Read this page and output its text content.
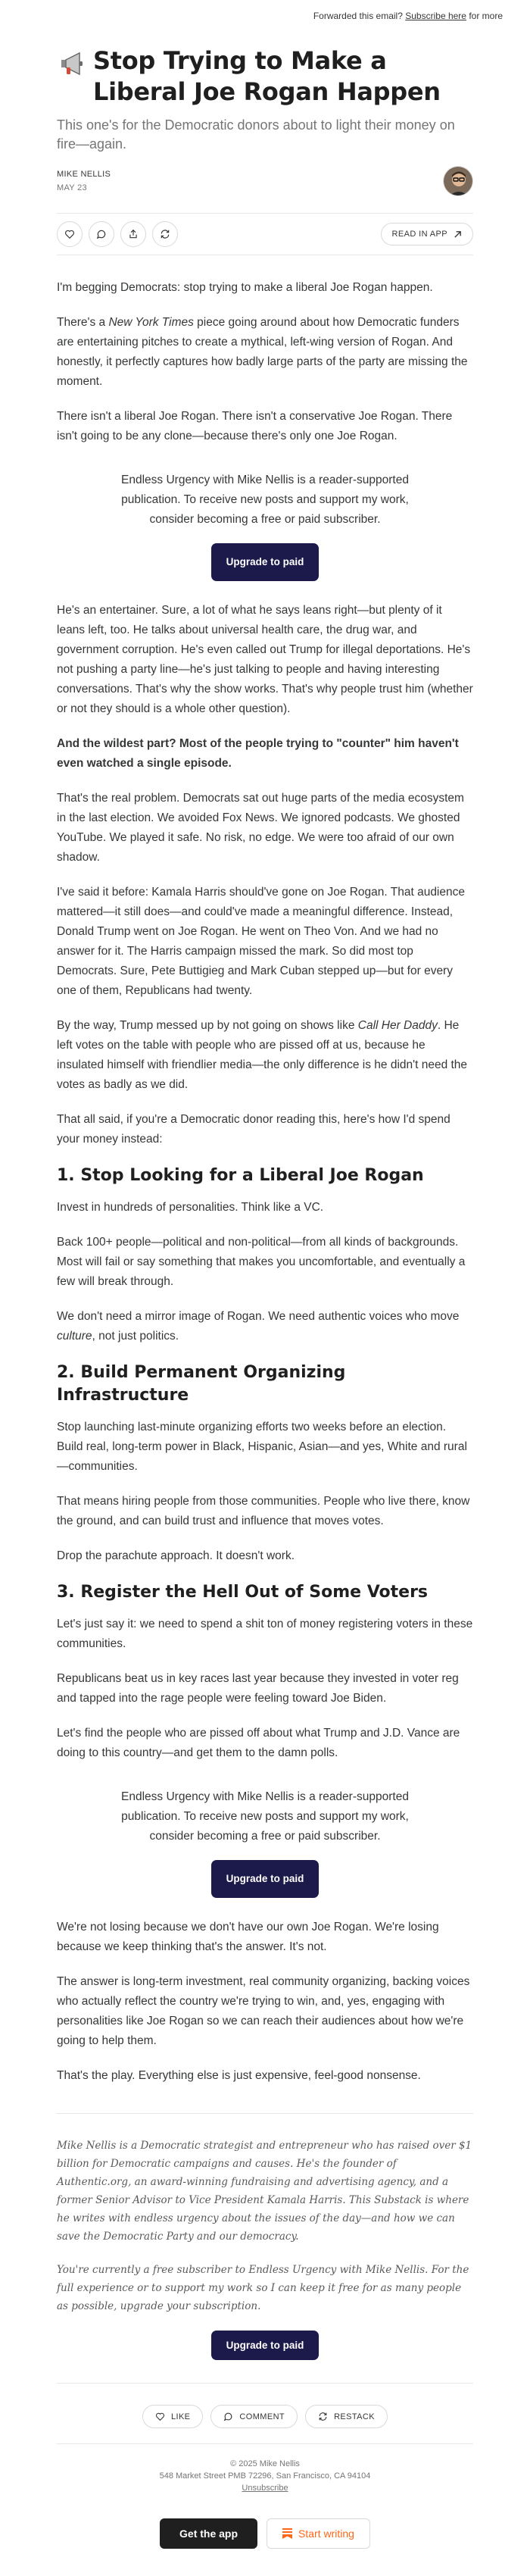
Forwarded this email? Subscribe here for more
Stop Trying to Make a Liberal Joe Rogan Happen
This one's for the Democratic donors about to light their money on fire—again.
MIKE NELLIS
MAY 23
READ IN APP

I'm begging Democrats: stop trying to make a liberal Joe Rogan happen.

There's a New York Times piece going around about how Democratic funders are entertaining pitches to create a mythical, left-wing version of Rogan. And honestly, it perfectly captures how badly large parts of the party are missing the moment.

There isn't a liberal Joe Rogan. There isn't a conservative Joe Rogan. There isn't going to be any clone—because there's only one Joe Rogan.

Endless Urgency with Mike Nellis is a reader-supported publication. To receive new posts and support my work, consider becoming a free or paid subscriber.

Upgrade to paid

He's an entertainer. Sure, a lot of what he says leans right—but plenty of it leans left, too. He talks about universal health care, the drug war, and government corruption. He's even called out Trump for illegal deportations. He's not pushing a party line—he's just talking to people and having interesting conversations. That's why the show works. That's why people trust him (whether or not they should is a whole other question).

And the wildest part? Most of the people trying to "counter" him haven't even watched a single episode.

That's the real problem. Democrats sat out huge parts of the media ecosystem in the last election. We avoided Fox News. We ignored podcasts. We ghosted YouTube. We played it safe. No risk, no edge. We were too afraid of our own shadow.

I've said it before: Kamala Harris should've gone on Joe Rogan. That audience mattered—it still does—and could've made a meaningful difference. Instead, Donald Trump went on Joe Rogan. He went on Theo Von. And we had no answer for it. The Harris campaign missed the mark. So did most top Democrats. Sure, Pete Buttigieg and Mark Cuban stepped up—but for every one of them, Republicans had twenty.

By the way, Trump messed up by not going on shows like Call Her Daddy. He left votes on the table with people who are pissed off at us, because he insulated himself with friendlier media—the only difference is he didn't need the votes as badly as we did.

That all said, if you're a Democratic donor reading this, here's how I'd spend your money instead:

1. Stop Looking for a Liberal Joe Rogan

Invest in hundreds of personalities. Think like a VC.

Back 100+ people—political and non-political—from all kinds of backgrounds. Most will fail or say something that makes you uncomfortable, and eventually a few will break through.

We don't need a mirror image of Rogan. We need authentic voices who move culture, not just politics.

2. Build Permanent Organizing Infrastructure

Stop launching last-minute organizing efforts two weeks before an election. Build real, long-term power in Black, Hispanic, Asian—and yes, White and rural—communities.

That means hiring people from those communities. People who live there, know the ground, and can build trust and influence that moves votes.

Drop the parachute approach. It doesn't work.

3. Register the Hell Out of Some Voters

Let's just say it: we need to spend a shit ton of money registering voters in these communities.

Republicans beat us in key races last year because they invested in voter reg and tapped into the rage people were feeling toward Joe Biden.

Let's find the people who are pissed off about what Trump and J.D. Vance are doing to this country—and get them to the damn polls.

Endless Urgency with Mike Nellis is a reader-supported publication. To receive new posts and support my work, consider becoming a free or paid subscriber.

Upgrade to paid

We're not losing because we don't have our own Joe Rogan. We're losing because we keep thinking that's the answer. It's not.

The answer is long-term investment, real community organizing, backing voices who actually reflect the country we're trying to win, and, yes, engaging with personalities like Joe Rogan so we can reach their audiences about how we're going to help them.

That's the play. Everything else is just expensive, feel-good nonsense.

Mike Nellis is a Democratic strategist and entrepreneur who has raised over $1 billion for Democratic campaigns and causes. He's the founder of Authentic.org, an award-winning fundraising and advertising agency, and a former Senior Advisor to Vice President Kamala Harris. This Substack is where he writes with endless urgency about the issues of the day—and how we can save the Democratic Party and our democracy.

You're currently a free subscriber to Endless Urgency with Mike Nellis. For the full experience or to support my work so I can keep it free for as many people as possible, upgrade your subscription.

Upgrade to paid
LIKE	COMMENT	RESTACK
© 2025 Mike Nellis
548 Market Street PMB 72296, San Francisco, CA 94104
Unsubscribe
Get the app	Start writing
